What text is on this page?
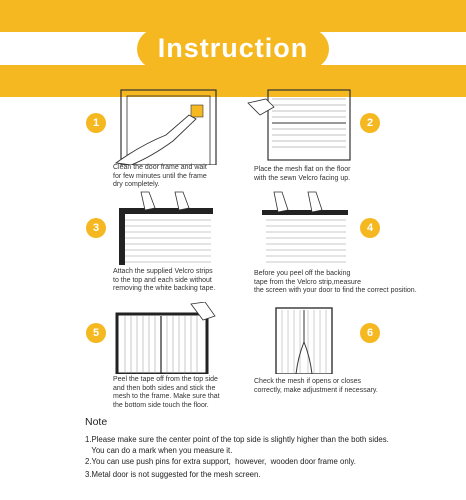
Instruction
1
Clean the door frame and wait
for few minutes until the frame
dry completely.
2
Place the mesh flat on the floor
with the sewn Velcro facing up.
3
Attach the supplied Velcro strips
to the top and each side without
removing the white backing tape.
4
Before you peel off the backing
tape from the Velcro strip,measure
the screen with your door to find the correct position.
5
Peel the tape off from the top side
and then both sides and stick the
mesh to the frame. Make sure that
the bottom side touch the floor.
6
Check the mesh if opens or closes
correctly, make adjustment if necessary.
Note
1.Please make sure the center point of the top side is slightly higher than the both sides.
You can do a mark when you measure it.
2.You can use push pins for extra support,  however,  wooden door frame only.
3.Metal door is not suggested for the mesh screen.
